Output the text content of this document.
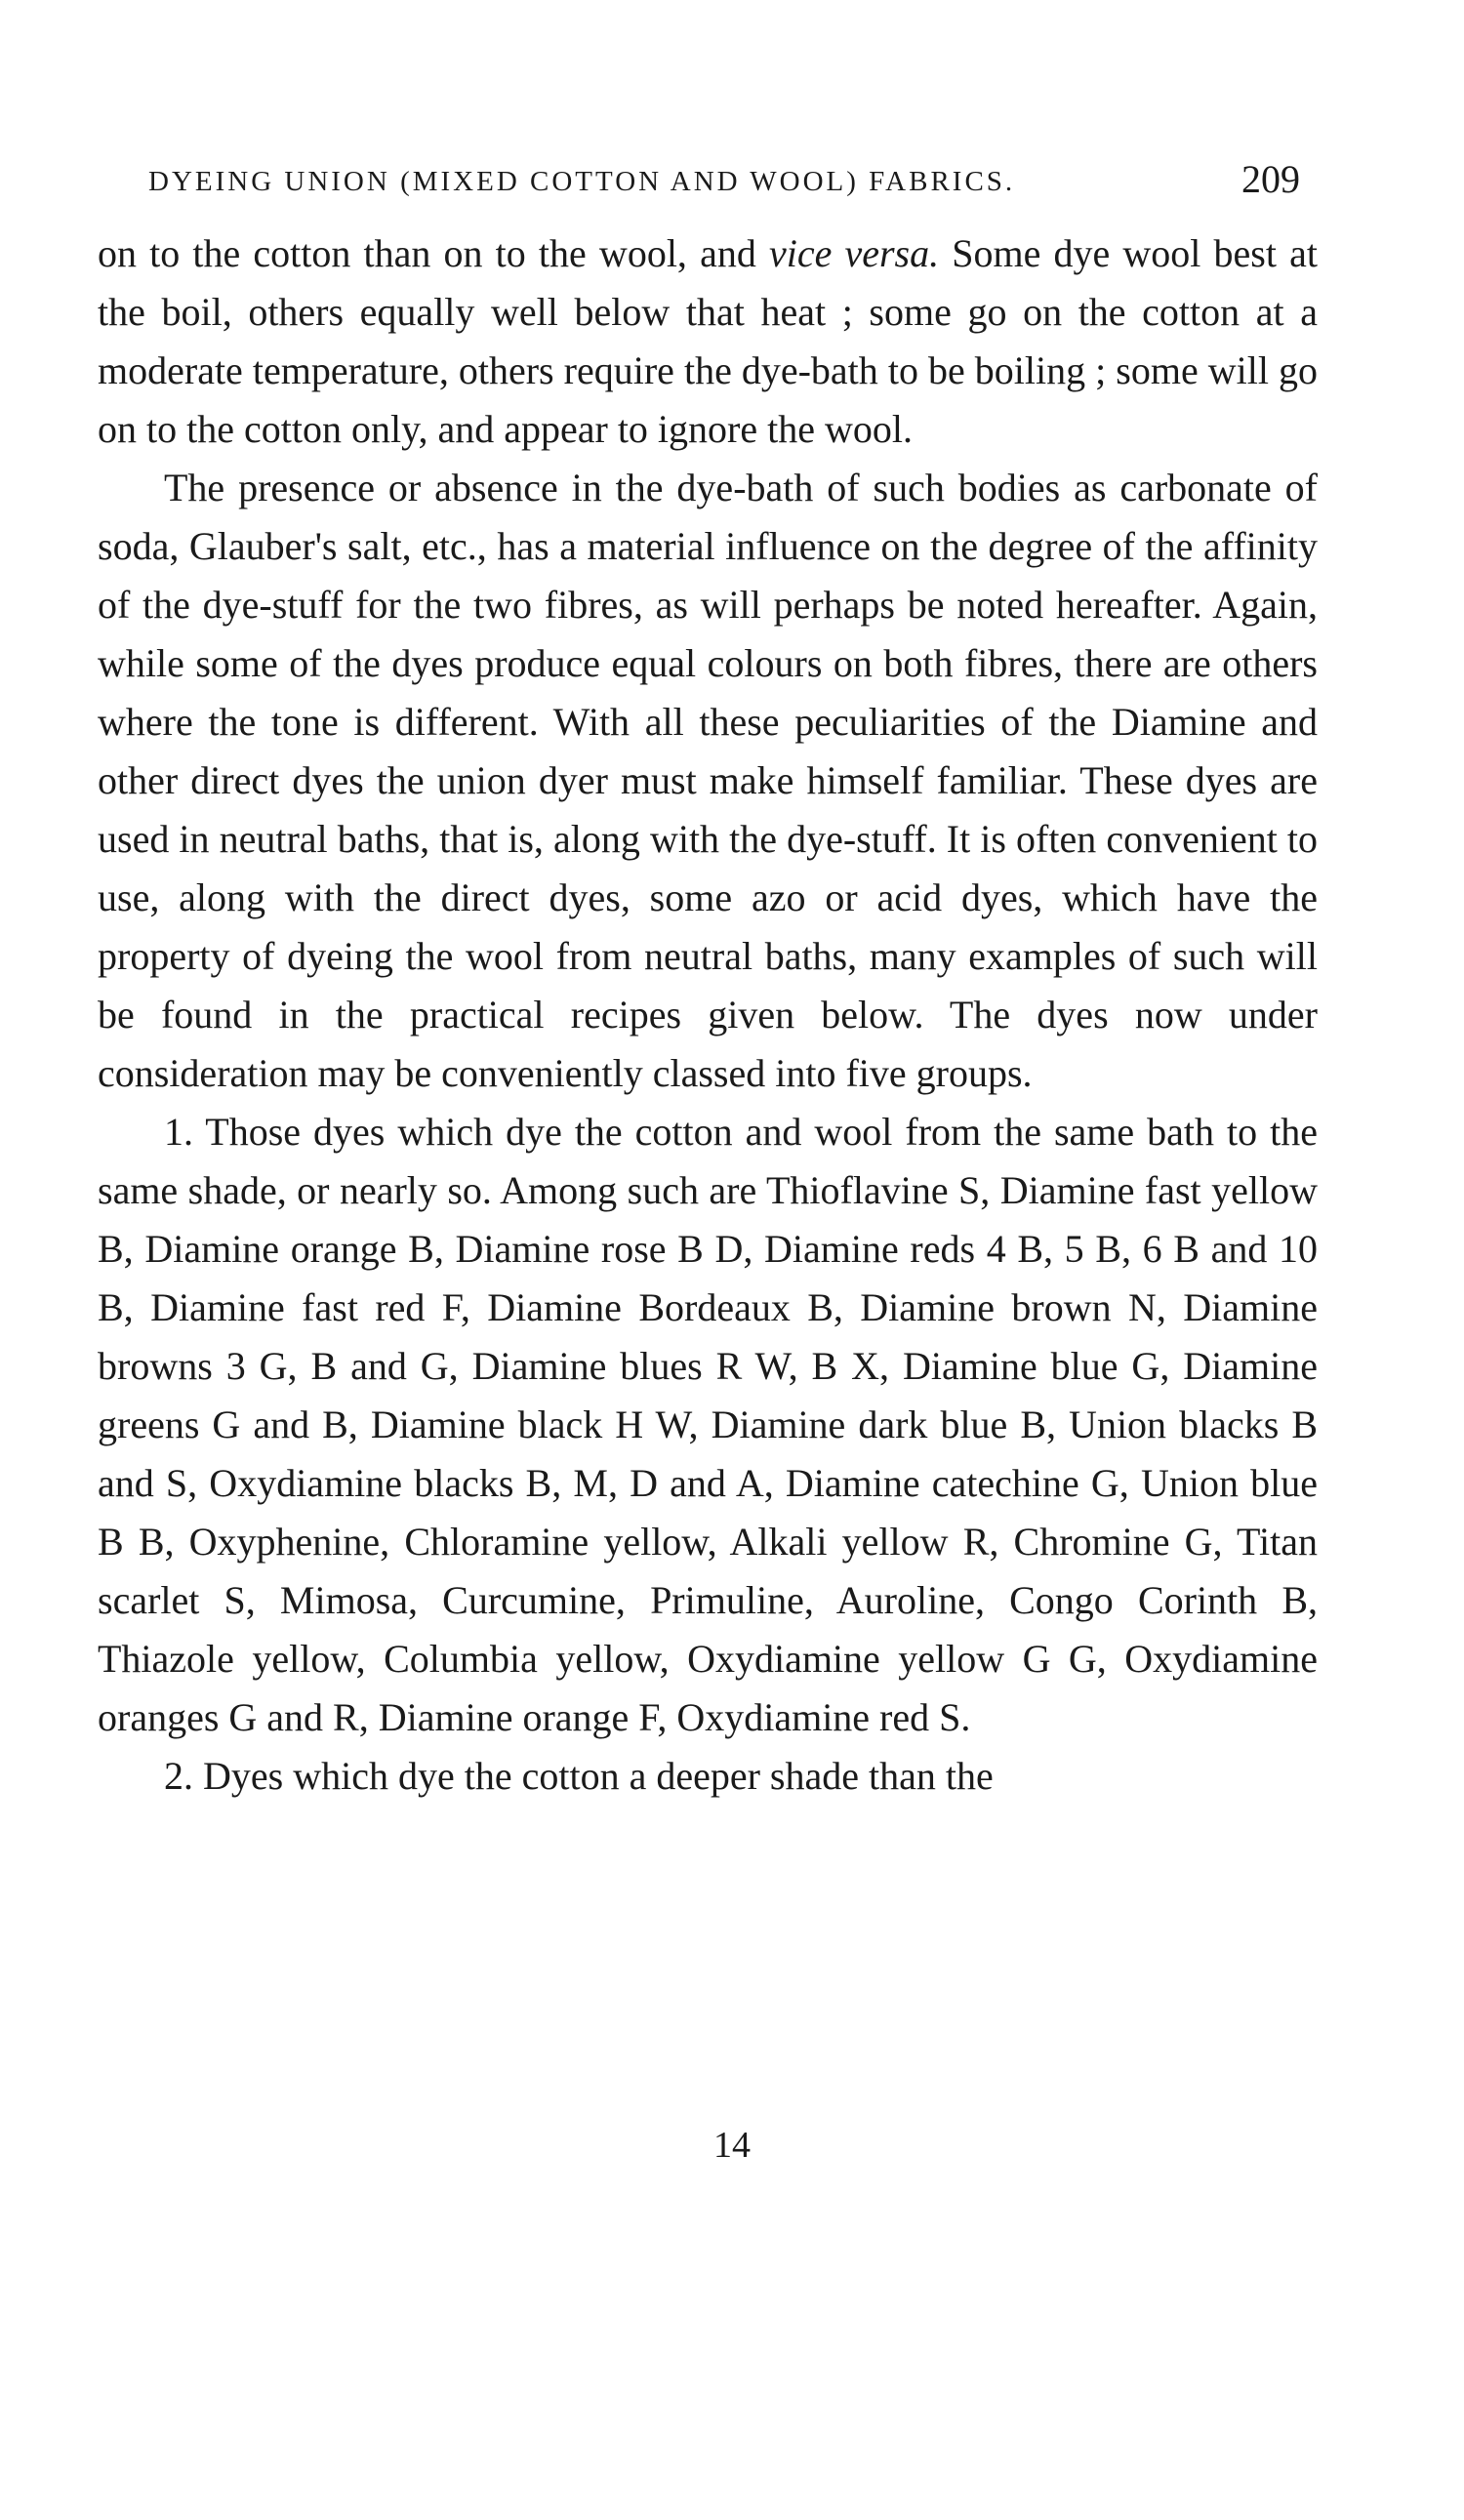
DYEING UNION (MIXED COTTON AND WOOL) FABRICS.	209

on to the cotton than on to the wool, and vice versa. Some dye wool best at the boil, others equally well below that heat ; some go on the cotton at a moderate temperature, others require the dye-bath to be boiling ; some will go on to the cotton only, and appear to ignore the wool.

The presence or absence in the dye-bath of such bodies as carbonate of soda, Glauber's salt, etc., has a material influence on the degree of the affinity of the dye-stuff for the two fibres, as will perhaps be noted hereafter. Again, while some of the dyes produce equal colours on both fibres, there are others where the tone is different. With all these peculiarities of the Diamine and other direct dyes the union dyer must make himself familiar. These dyes are used in neutral baths, that is, along with the dye-stuff. It is often convenient to use, along with the direct dyes, some azo or acid dyes, which have the property of dyeing the wool from neutral baths, many examples of such will be found in the practical recipes given below. The dyes now under consideration may be conveniently classed into five groups.

1. Those dyes which dye the cotton and wool from the same bath to the same shade, or nearly so. Among such are Thioflavine S, Diamine fast yellow B, Diamine orange B, Diamine rose B D, Diamine reds 4 B, 5 B, 6 B and 10 B, Diamine fast red F, Diamine Bordeaux B, Diamine brown N, Diamine browns 3 G, B and G, Diamine blues R W, B X, Diamine blue G, Diamine greens G and B, Diamine black H W, Diamine dark blue B, Union blacks B and S, Oxydiamine blacks B, M, D and A, Diamine catechine G, Union blue B B, Oxyphenine, Chloramine yellow, Alkali yellow R, Chromine G, Titan scarlet S, Mimosa, Curcumine, Primuline, Auroline, Congo Corinth B, Thiazole yellow, Columbia yellow, Oxydiamine yellow G G, Oxydiamine oranges G and R, Diamine orange F, Oxydiamine red S.

2. Dyes which dye the cotton a deeper shade than the

14
